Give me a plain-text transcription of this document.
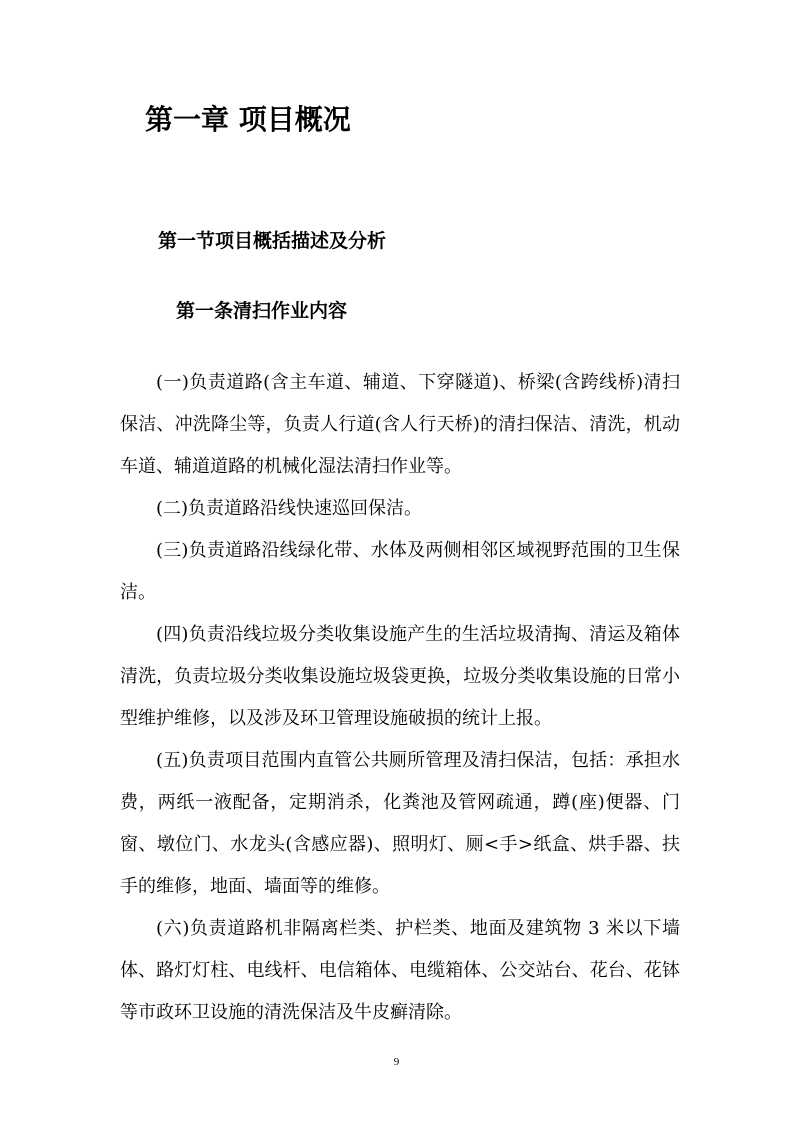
第一章 项目概况
第一节项目概括描述及分析
第一条清扫作业内容

(一)负责道路(含主车道、辅道、下穿隧道)、桥梁(含跨线桥)清扫保洁、冲洗降尘等，负责人行道(含人行天桥)的清扫保洁、清洗，机动车道、辅道道路的机械化湿法清扫作业等。

(二)负责道路沿线快速巡回保洁。

(三)负责道路沿线绿化带、水体及两侧相邻区域视野范围的卫生保洁。

(四)负责沿线垃圾分类收集设施产生的生活垃圾清掏、清运及箱体清洗，负责垃圾分类收集设施垃圾袋更换，垃圾分类收集设施的日常小型维护维修，以及涉及环卫管理设施破损的统计上报。

(五)负责项目范围内直管公共厕所管理及清扫保洁，包括：承担水费，两纸一液配备，定期消杀，化粪池及管网疏通，蹲(座)便器、门窗、墩位门、水龙头(含感应器)、照明灯、厕<手>纸盒、烘手器、扶手的维修，地面、墙面等的维修。

(六)负责道路机非隔离栏类、护栏类、地面及建筑物 3 米以下墙体、路灯灯柱、电线杆、电信箱体、电缆箱体、公交站台、花台、花钵等市政环卫设施的清洗保洁及牛皮癣清除。

9
